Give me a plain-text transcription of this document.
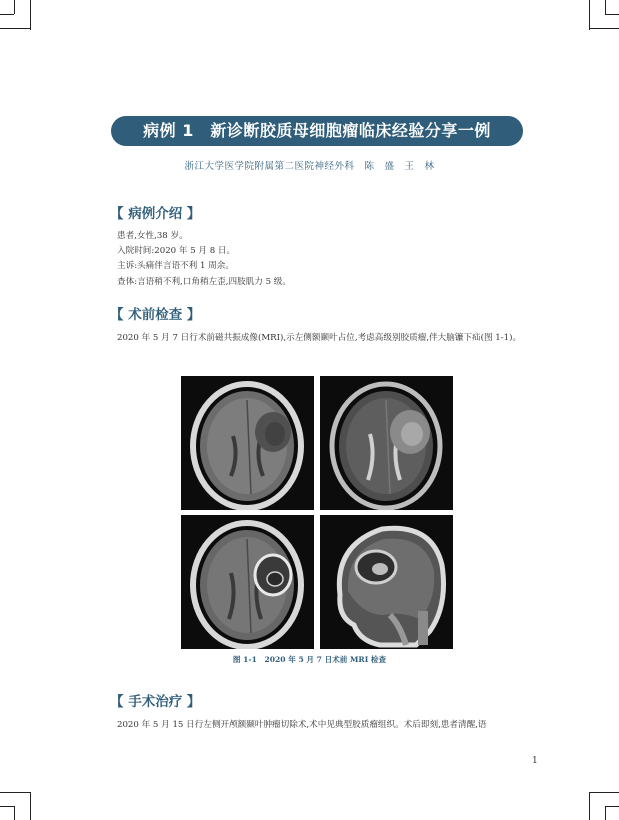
病例 1　新诊断胶质母细胞瘤临床经验分享一例
浙江大学医学院附属第二医院神经外科　陈　盛　王　林
【 病例介绍 】
患者,女性,38 岁。
入院时间:2020 年 5 月 8 日。
主诉:头痛伴言语不利 1 周余。
查体:言语稍不利,口角稍左歪,四肢肌力 5 级。
【 术前检查 】
2020 年 5 月 7 日行术前磁共振成像(MRI),示左侧额颞叶占位,考虑高级别胶质瘤,伴大脑镰下疝(图 1-1)。
图 1-1　2020 年 5 月 7 日术前 MRI 检查
【 手术治疗 】
2020 年 5 月 15 日行左侧开颅额颞叶肿瘤切除术,术中见典型胶质瘤组织。术后即刻,患者清醒,语
1
